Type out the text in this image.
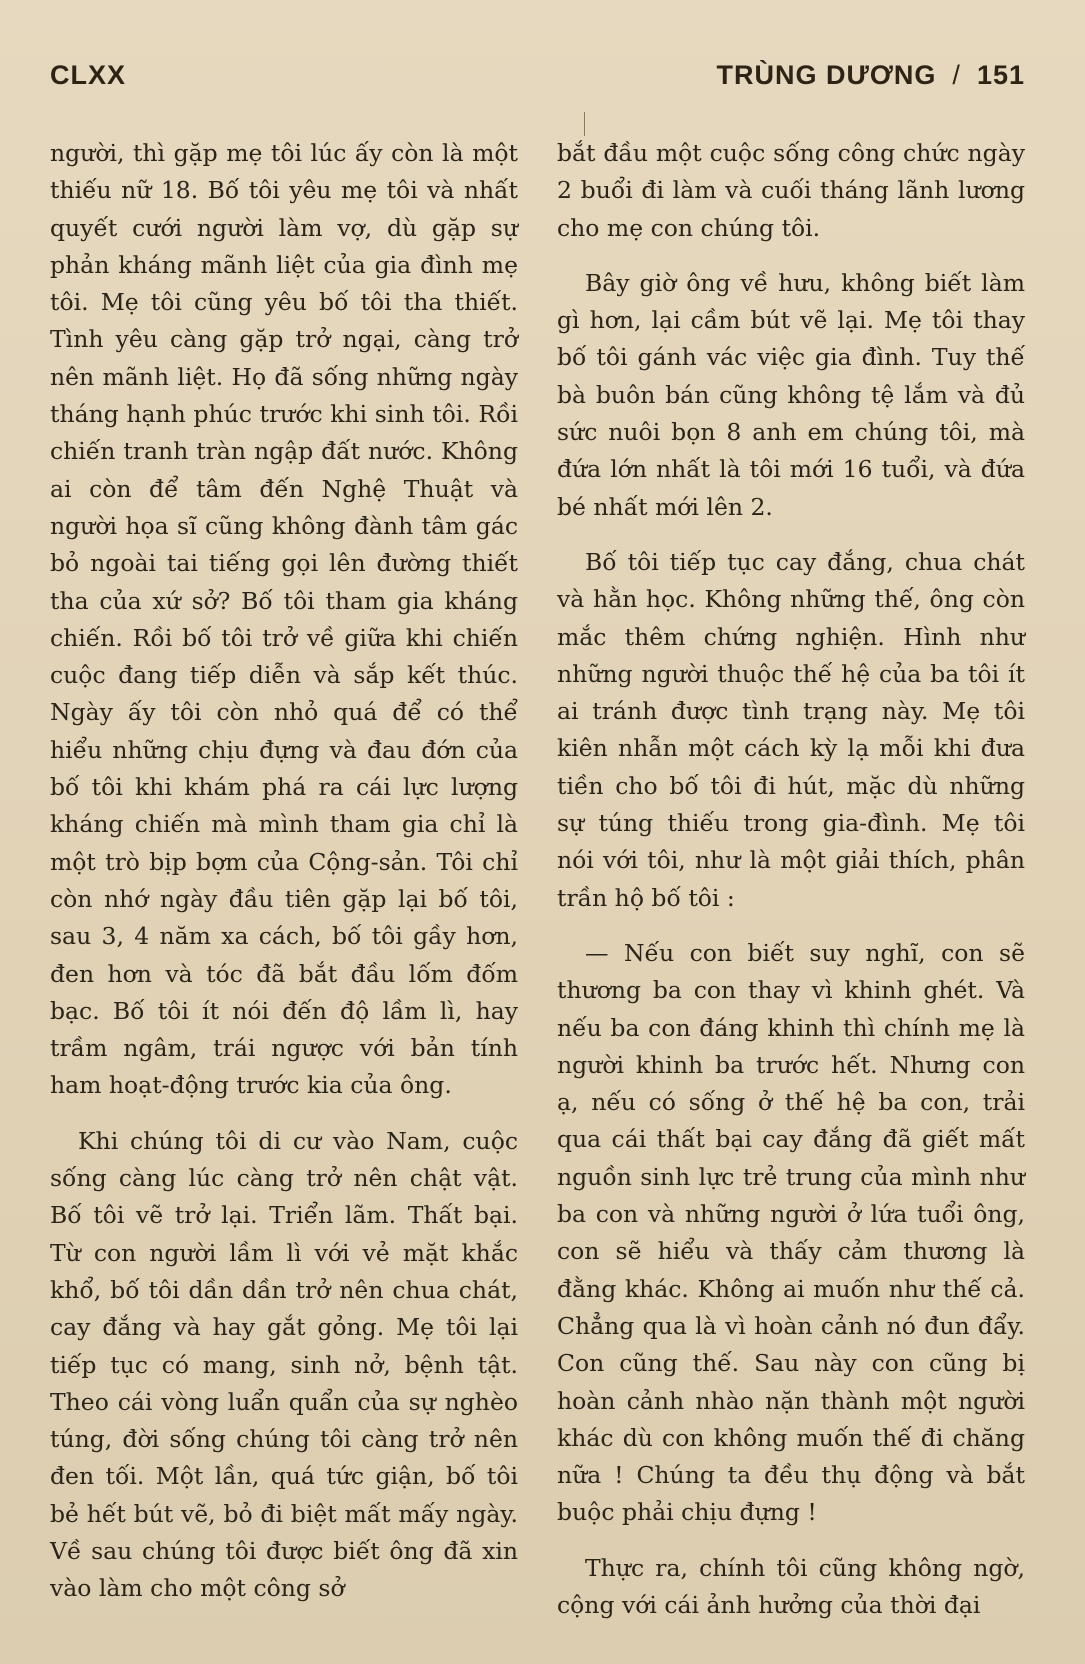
CLXX	TRÙNG DƯƠNG / 151

người, thì gặp mẹ tôi lúc ấy còn là một thiếu nữ 18. Bố tôi yêu mẹ tôi và nhất quyết cưới người làm vợ, dù gặp sự phản kháng mãnh liệt của gia đình mẹ tôi. Mẹ tôi cũng yêu bố tôi tha thiết. Tình yêu càng gặp trở ngại, càng trở nên mãnh liệt. Họ đã sống những ngày tháng hạnh phúc trước khi sinh tôi. Rồi chiến tranh tràn ngập đất nước. Không ai còn để tâm đến Nghệ Thuật và người họa sĩ cũng không đành tâm gác bỏ ngoài tai tiếng gọi lên đường thiết tha của xứ sở? Bố tôi tham gia kháng chiến. Rồi bố tôi trở về giữa khi chiến cuộc đang tiếp diễn và sắp kết thúc. Ngày ấy tôi còn nhỏ quá để có thể hiểu những chịu đựng và đau đớn của bố tôi khi khám phá ra cái lực lượng kháng chiến mà mình tham gia chỉ là một trò bịp bợm của Cộng-sản. Tôi chỉ còn nhớ ngày đầu tiên gặp lại bố tôi, sau 3, 4 năm xa cách, bố tôi gầy hơn, đen hơn và tóc đã bắt đầu lốm đốm bạc. Bố tôi ít nói đến độ lầm lì, hay trầm ngâm, trái ngược với bản tính ham hoạt-động trước kia của ông.

Khi chúng tôi di cư vào Nam, cuộc sống càng lúc càng trở nên chật vật. Bố tôi vẽ trở lại. Triển lãm. Thất bại. Từ con người lầm lì với vẻ mặt khắc khổ, bố tôi dần dần trở nên chua chát, cay đắng và hay gắt gỏng. Mẹ tôi lại tiếp tục có mang, sinh nở, bệnh tật. Theo cái vòng luẩn quẩn của sự nghèo túng, đời sống chúng tôi càng trở nên đen tối. Một lần, quá tức giận, bố tôi bẻ hết bút vẽ, bỏ đi biệt mất mấy ngày. Về sau chúng tôi được biết ông đã xin vào làm cho một công sở

bắt đầu một cuộc sống công chức ngày 2 buổi đi làm và cuối tháng lãnh lương cho mẹ con chúng tôi.

Bây giờ ông về hưu, không biết làm gì hơn, lại cầm bút vẽ lại. Mẹ tôi thay bố tôi gánh vác việc gia đình. Tuy thế bà buôn bán cũng không tệ lắm và đủ sức nuôi bọn 8 anh em chúng tôi, mà đứa lớn nhất là tôi mới 16 tuổi, và đứa bé nhất mới lên 2.

Bố tôi tiếp tục cay đắng, chua chát và hằn học. Không những thế, ông còn mắc thêm chứng nghiện. Hình như những người thuộc thế hệ của ba tôi ít ai tránh được tình trạng này. Mẹ tôi kiên nhẫn một cách kỳ lạ mỗi khi đưa tiền cho bố tôi đi hút, mặc dù những sự túng thiếu trong gia-đình. Mẹ tôi nói với tôi, như là một giải thích, phân trần hộ bố tôi :

— Nếu con biết suy nghĩ, con sẽ thương ba con thay vì khinh ghét. Và nếu ba con đáng khinh thì chính mẹ là người khinh ba trước hết. Nhưng con ạ, nếu có sống ở thế hệ ba con, trải qua cái thất bại cay đắng đã giết mất nguồn sinh lực trẻ trung của mình như ba con và những người ở lứa tuổi ông, con sẽ hiểu và thấy cảm thương là đằng khác. Không ai muốn như thế cả. Chẳng qua là vì hoàn cảnh nó đun đẩy. Con cũng thế. Sau này con cũng bị hoàn cảnh nhào nặn thành một người khác dù con không muốn thế đi chăng nữa ! Chúng ta đều thụ động và bắt buộc phải chịu đựng !

Thực ra, chính tôi cũng không ngờ, cộng với cái ảnh hưởng của thời đại
